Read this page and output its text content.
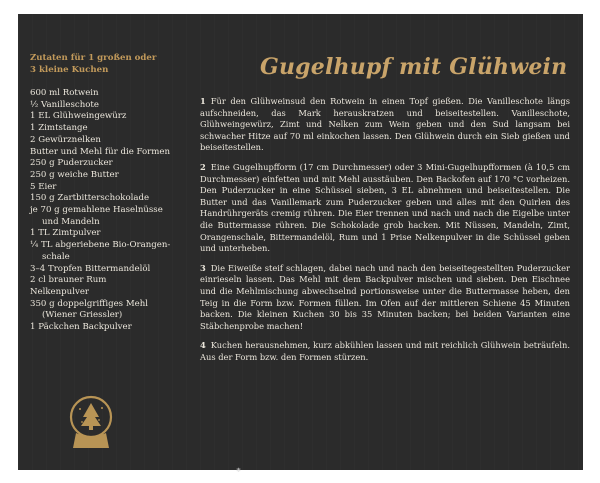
Zutaten für 1 großen oder 3 kleine Kuchen
600 ml Rotwein
½ Vanilleschote
1 EL Glühweingewürz
1 Zimtstange
2 Gewürznelken
Butter und Mehl für die Formen
250 g Puderzucker
250 g weiche Butter
5 Eier
150 g Zartbitterschokolade
je 70 g gemahlene Haselnüsse
und Mandeln
1 TL Zimtpulver
¼ TL abgeriebene Bio-Orangen-
schale
3–4 Tropfen Bittermandelöl
2 cl brauner Rum
Nelkenpulver
350 g doppelgriffiges Mehl
(Wiener Griessler)
1 Päckchen Backpulver
Gugelhupf mit Glühwein
1 Für den Glühweinsud den Rotwein in einen Topf gießen. Die Vanilleschote längs aufschneiden, das Mark herauskratzen und beiseitestellen. Vanilleschote, Glühweingewürz, Zimt und Nelken zum Wein geben und den Sud langsam bei schwacher Hitze auf 70 ml einkochen lassen. Den Glühwein durch ein Sieb gießen und beiseitestellen.
2 Eine Gugelhupfform (17 cm Durchmesser) oder 3 Mini-Gugelhupfformen (à 10,5 cm Durchmesser) einfetten und mit Mehl ausstäuben. Den Backofen auf 170 °C vorheizen. Den Puderzucker in eine Schüssel sieben, 3 EL abnehmen und beiseitestellen. Die Butter und das Vanillemark zum Puderzucker geben und alles mit den Quirlen des Handrührgeräts cremig rühren. Die Eier trennen und nach und nach die Eigelbe unter die Buttermasse rühren. Die Schokolade grob hacken. Mit Nüssen, Mandeln, Zimt, Orangenschale, Bittermandelöl, Rum und 1 Prise Nelkenpulver in die Schüssel geben und unterheben.
3 Die Eiweiße steif schlagen, dabei nach und nach den beiseitegestellten Puderzucker einrieseln lassen. Das Mehl mit dem Backpulver mischen und sieben. Den Eischnee und die Mehlmischung abwechselnd portionsweise unter die Buttermasse heben, den Teig in die Form bzw. Formen füllen. Im Ofen auf der mittleren Schiene 45 Minuten backen. Die kleinen Kuchen 30 bis 35 Minuten backen; bei beiden Varianten eine Stäbchenprobe machen!
4 Kuchen herausnehmen, kurz abkühlen lassen und mit reichlich Glühwein beträufeln. Aus der Form bzw. den Formen stürzen.
❄
